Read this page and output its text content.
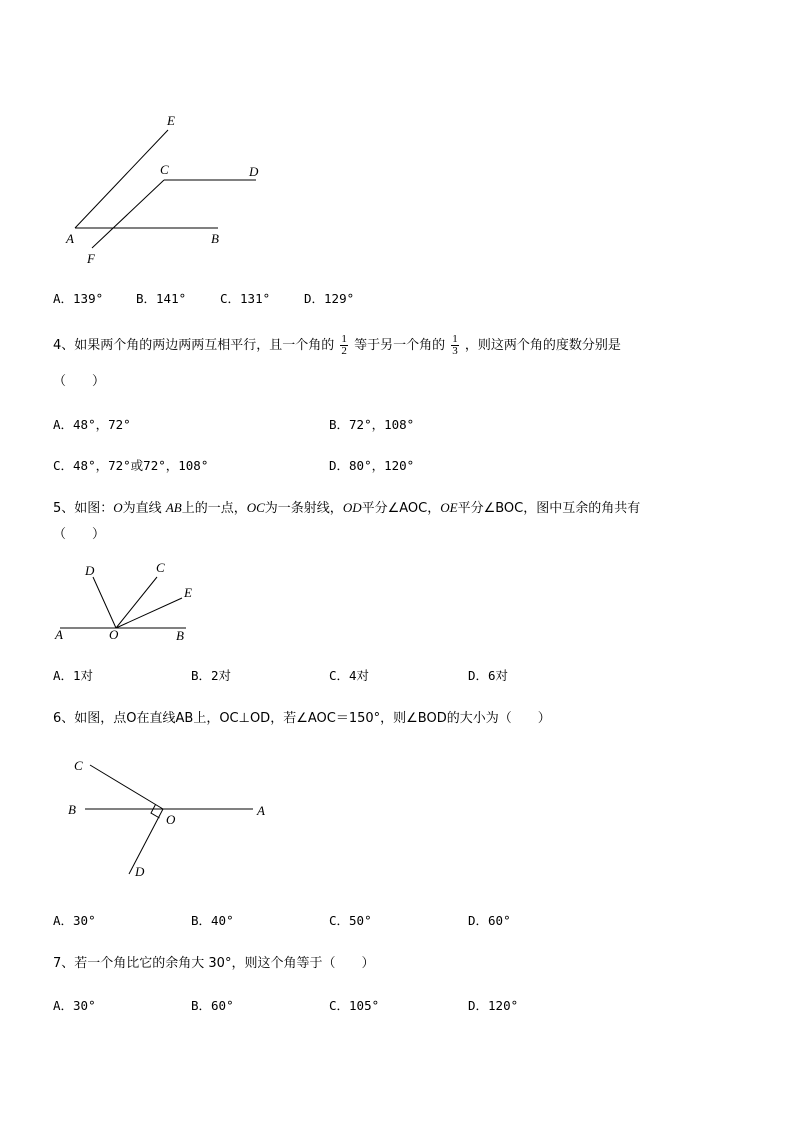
E
C	D
A	B
F
A．139°	B．141°	C．131°	D．129°
4、如果两个角的两边两两互相平行，且一个角的 $\frac{1}{2}$ 等于另一个角的 $\frac{1}{3}$ ，则这两个角的度数分别是
（　　）
A．48°，72°	B．72°，108°
C．48°，72°或72°，108°	D．80°，120°
5、如图：O为直线 AB上的一点，OC为一条射线，OD平分∠AOC，OE平分∠BOC，图中互余的角共有
（　　）
D	C
E
A	O	B
A．1对	B．2对	C．4对	D．6对
6、如图，点O在直线AB上，OC⊥OD，若∠AOC＝150°，则∠BOD的大小为（　　）
C
B
O
A
D
A．30°	B．40°	C．50°	D．60°
7、若一个角比它的余角大 30°，则这个角等于（　　）
A．30°	B．60°	C．105°	D．120°
